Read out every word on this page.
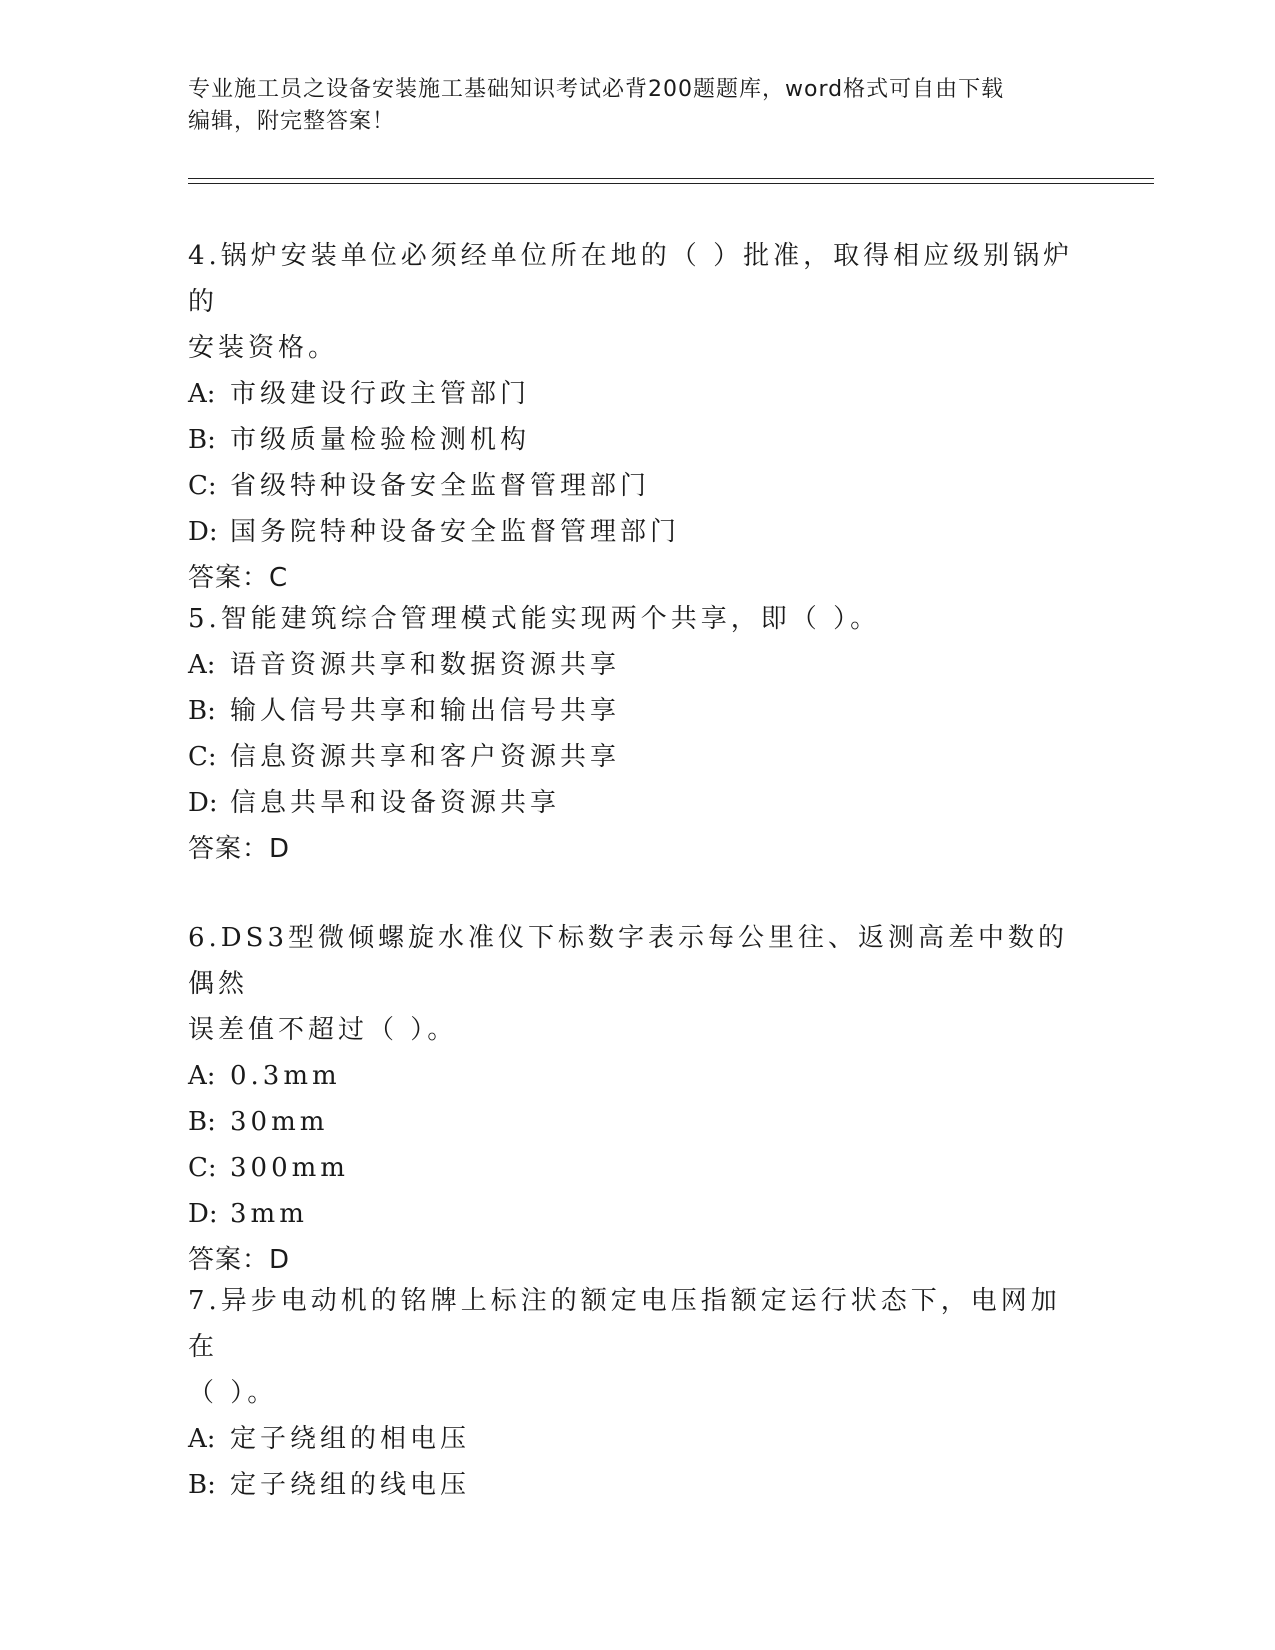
专业施工员之设备安装施工基础知识考试必背200题题库，word格式可自由下载
编辑，附完整答案！
4.锅炉安装单位必须经单位所在地的（ ）批准，取得相应级别锅炉的
安装资格。
A: 市级建设行政主管部门
B: 市级质量检验检测机构
C: 省级特种设备安全监督管理部门
D: 国务院特种设备安全监督管理部门
答案：C
5.智能建筑综合管理模式能实现两个共享，即（ ）。
A: 语音资源共享和数据资源共享
B: 输人信号共享和输出信号共享
C: 信息资源共享和客户资源共享
D: 信息共旱和设备资源共享
答案：D
6.DS3型微倾螺旋水准仪下标数字表示每公里往、返测高差中数的偶然
误差值不超过（ ）。
A: 0.3mm
B: 30mm
C: 300mm
D: 3mm
答案：D
7.异步电动机的铭牌上标注的额定电压指额定运行状态下，电网加在
（ ）。
A: 定子绕组的相电压
B: 定子绕组的线电压
